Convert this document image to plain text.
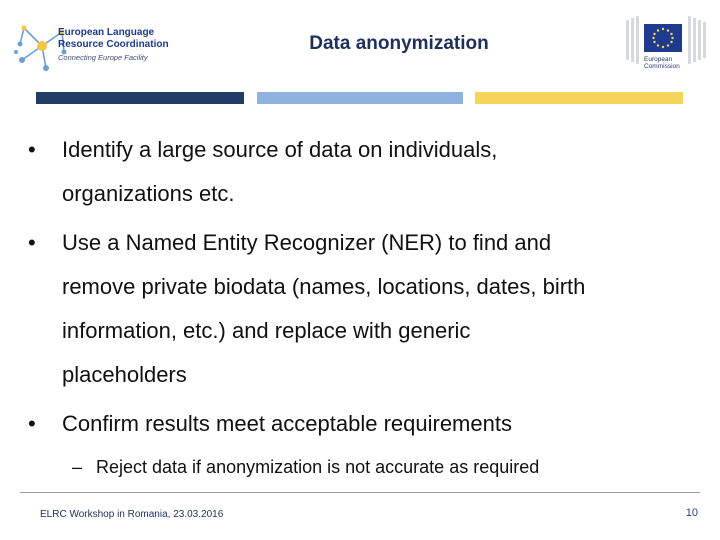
European Language
Resource Coordination
Connecting Europe Facility
Data anonymization
European
Commission
•	Identify a large source of data on individuals,
organizations etc.
•	Use a Named Entity Recognizer (NER) to find and
remove private biodata (names, locations, dates, birth
information, etc.) and replace with generic
placeholders
•	Confirm results meet acceptable requirements
– Reject data if anonymization is not accurate as required
ELRC Workshop in Romania, 23.03.2016	10
